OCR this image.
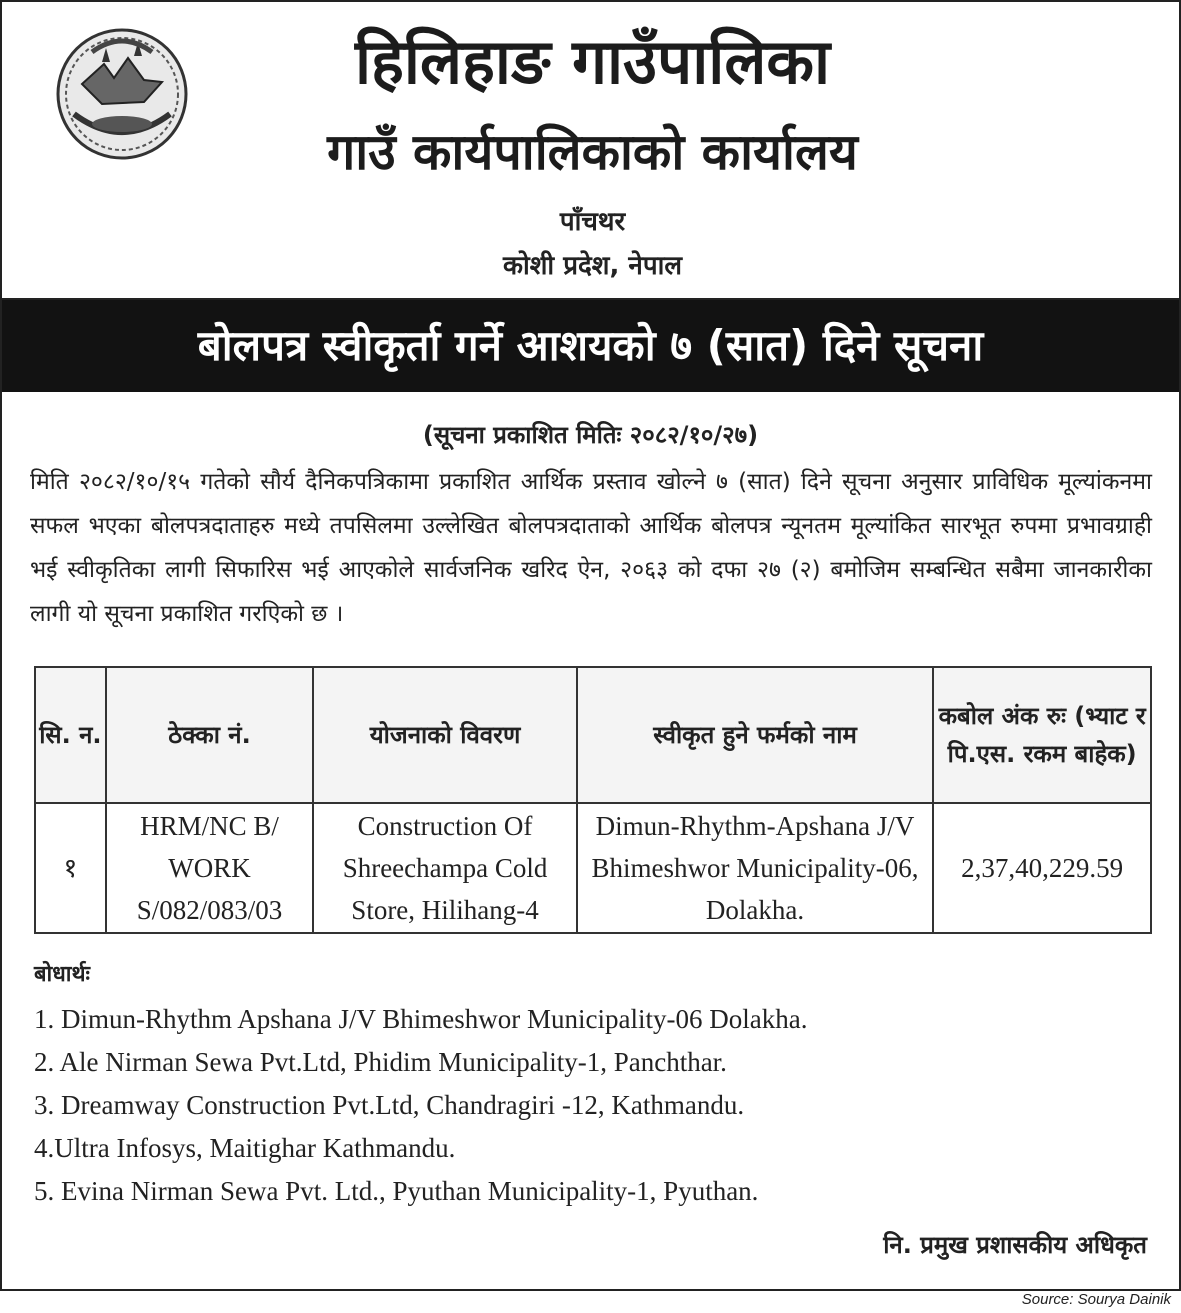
हिलिहाङ गाउँपालिका
गाउँ कार्यपालिकाको कार्यालय
पाँचथर
कोशी प्रदेश, नेपाल
बोलपत्र स्वीकृर्ता गर्ने आशयको ७ (सात) दिने सूचना
(सूचना प्रकाशित मितिः २०८२/१०/२७)
मिति २०८२/१०/१५ गतेको सौर्य दैनिकपत्रिकामा प्रकाशित आर्थिक प्रस्ताव खोल्ने ७ (सात) दिने सूचना अनुसार प्राविधिक मूल्यांकनमा सफल भएका बोलपत्रदाताहरु मध्ये तपसिलमा उल्लेखित बोलपत्रदाताको आर्थिक बोलपत्र न्यूनतम मूल्यांकित सारभूत रुपमा प्रभावग्राही भई स्वीकृतिका लागी सिफारिस भई आएकोले सार्वजनिक खरिद ऐन, २०६३ को दफा २७ (२) बमोजिम सम्बन्धित सबैमा जानकारीका लागी यो सूचना प्रकाशित गरएिको छ ।
सि. न.	ठेक्का नं.	योजनाको विवरण	स्वीकृत हुने फर्मको नाम	कबोल अंक रुः (भ्याट र पि.एस. रकम बाहेक)
१	HRM/NC B/ WORK S/082/083/03	Construction Of Shreechampa Cold Store, Hilihang-4	Dimun-Rhythm-Apshana J/V Bhimeshwor Municipality-06, Dolakha.	2,37,40,229.59
बोधार्थः
1. Dimun-Rhythm Apshana J/V Bhimeshwor Municipality-06 Dolakha.
2. Ale Nirman Sewa Pvt.Ltd, Phidim Municipality-1, Panchthar.
3. Dreamway Construction Pvt.Ltd, Chandragiri -12, Kathmandu.
4.Ultra Infosys, Maitighar Kathmandu.
5. Evina Nirman Sewa Pvt. Ltd., Pyuthan Municipality-1, Pyuthan.
नि. प्रमुख प्रशासकीय अधिकृत
Source: Sourya Dainik
